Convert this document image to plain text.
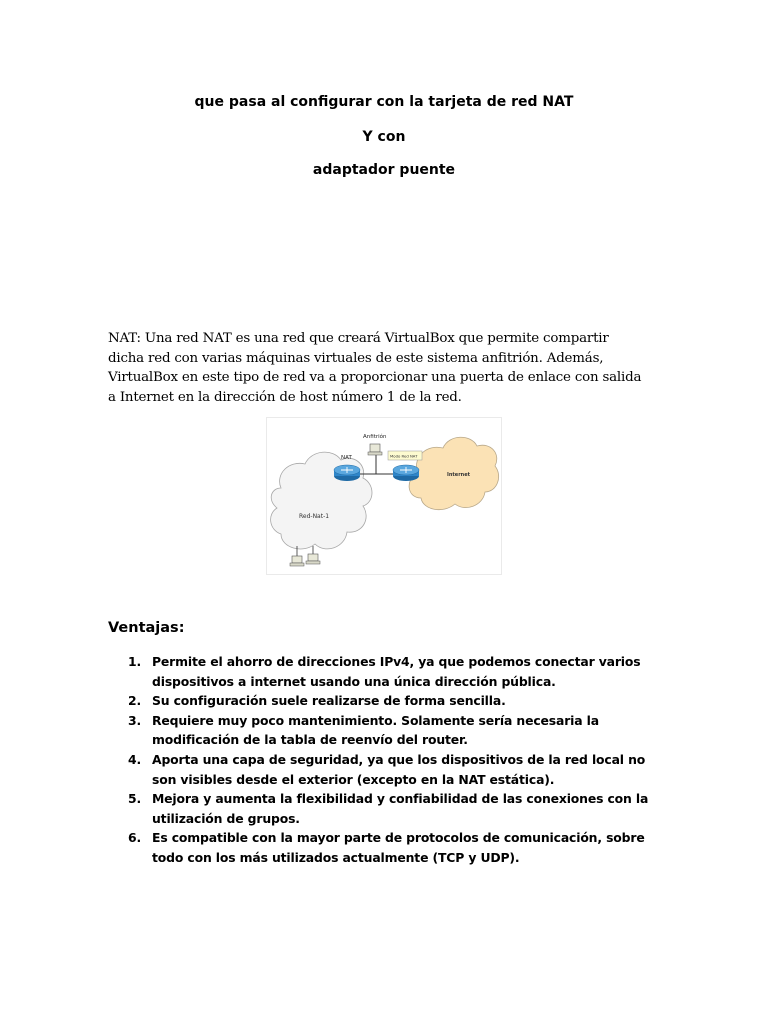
que pasa al configurar con la tarjeta de red NAT

Y con

adaptador puente

NAT: Una red NAT es una red que creará VirtualBox que permite compartir dicha red con varias máquinas virtuales de este sistema anfitrión. Además, VirtualBox en este tipo de red va a proporcionar una puerta de enlace con salida a Internet en la dirección de host número 1 de la red.

Internet
Red-Nat-1
Anfitrión
NAT	Modo Red NAT
Ventajas:
1. Permite el ahorro de direcciones IPv4, ya que podemos conectar varios dispositivos a internet usando una única dirección pública.
2. Su configuración suele realizarse de forma sencilla.
3. Requiere muy poco mantenimiento. Solamente sería necesaria la modificación de la tabla de reenvío del router.
4. Aporta una capa de seguridad, ya que los dispositivos de la red local no son visibles desde el exterior (excepto en la NAT estática).
5. Mejora y aumenta la flexibilidad y confiabilidad de las conexiones con la utilización de grupos.
6. Es compatible con la mayor parte de protocolos de comunicación, sobre todo con los más utilizados actualmente (TCP y UDP).
